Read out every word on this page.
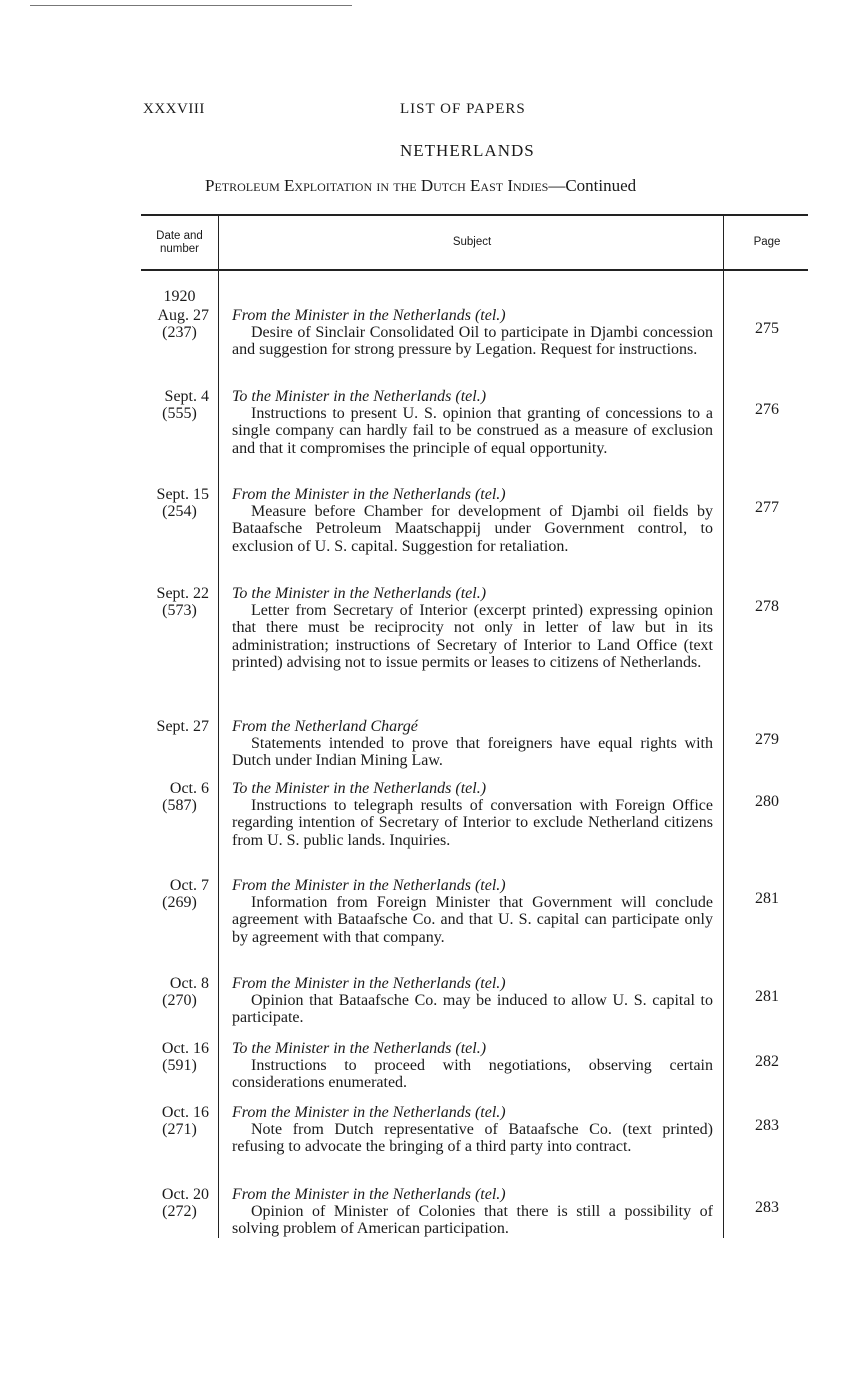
XXXVIII	LIST OF PAPERS
NETHERLANDS
Petroleum Exploitation in the Dutch East Indies—Continued
Date and number
Subject	Page
1920
Aug. 27
(237)
From the Minister in the Netherlands (tel.)
Desire of Sinclair Consolidated Oil to participate in Djambi concession and suggestion for strong pressure by Legation. Request for instructions.
275
Sept. 4
(555)
To the Minister in the Netherlands (tel.)
Instructions to present U. S. opinion that granting of concessions to a single company can hardly fail to be construed as a measure of exclusion and that it compromises the principle of equal opportunity.
276
Sept. 15
(254)
From the Minister in the Netherlands (tel.)
Measure before Chamber for development of Djambi oil fields by Bataafsche Petroleum Maatschappij under Government control, to exclusion of U. S. capital. Suggestion for retaliation.
277
Sept. 22
(573)
To the Minister in the Netherlands (tel.)
Letter from Secretary of Interior (excerpt printed) expressing opinion that there must be reciprocity not only in letter of law but in its administration; instructions of Secretary of Interior to Land Office (text printed) advising not to issue permits or leases to citizens of Netherlands.
278
Sept. 27 From the Netherland Chargé
Statements intended to prove that foreigners have equal rights with Dutch under Indian Mining Law.
279
Oct. 6
(587)
To the Minister in the Netherlands (tel.)
Instructions to telegraph results of conversation with Foreign Office regarding intention of Secretary of Interior to exclude Netherland citizens from U. S. public lands. Inquiries.
280
Oct. 7
(269)
From the Minister in the Netherlands (tel.)
Information from Foreign Minister that Government will conclude agreement with Bataafsche Co. and that U. S. capital can participate only by agreement with that company.
281
Oct. 8
(270)
From the Minister in the Netherlands (tel.)
Opinion that Bataafsche Co. may be induced to allow U. S. capital to participate.
281
Oct. 16
(591)
To the Minister in the Netherlands (tel.)
Instructions to proceed with negotiations, observing certain considerations enumerated.
282
Oct. 16
(271)
From the Minister in the Netherlands (tel.)
Note from Dutch representative of Bataafsche Co. (text printed) refusing to advocate the bringing of a third party into contract.
283
Oct. 20
(272)
From the Minister in the Netherlands (tel.)
Opinion of Minister of Colonies that there is still a possibility of solving problem of American participation.
283
